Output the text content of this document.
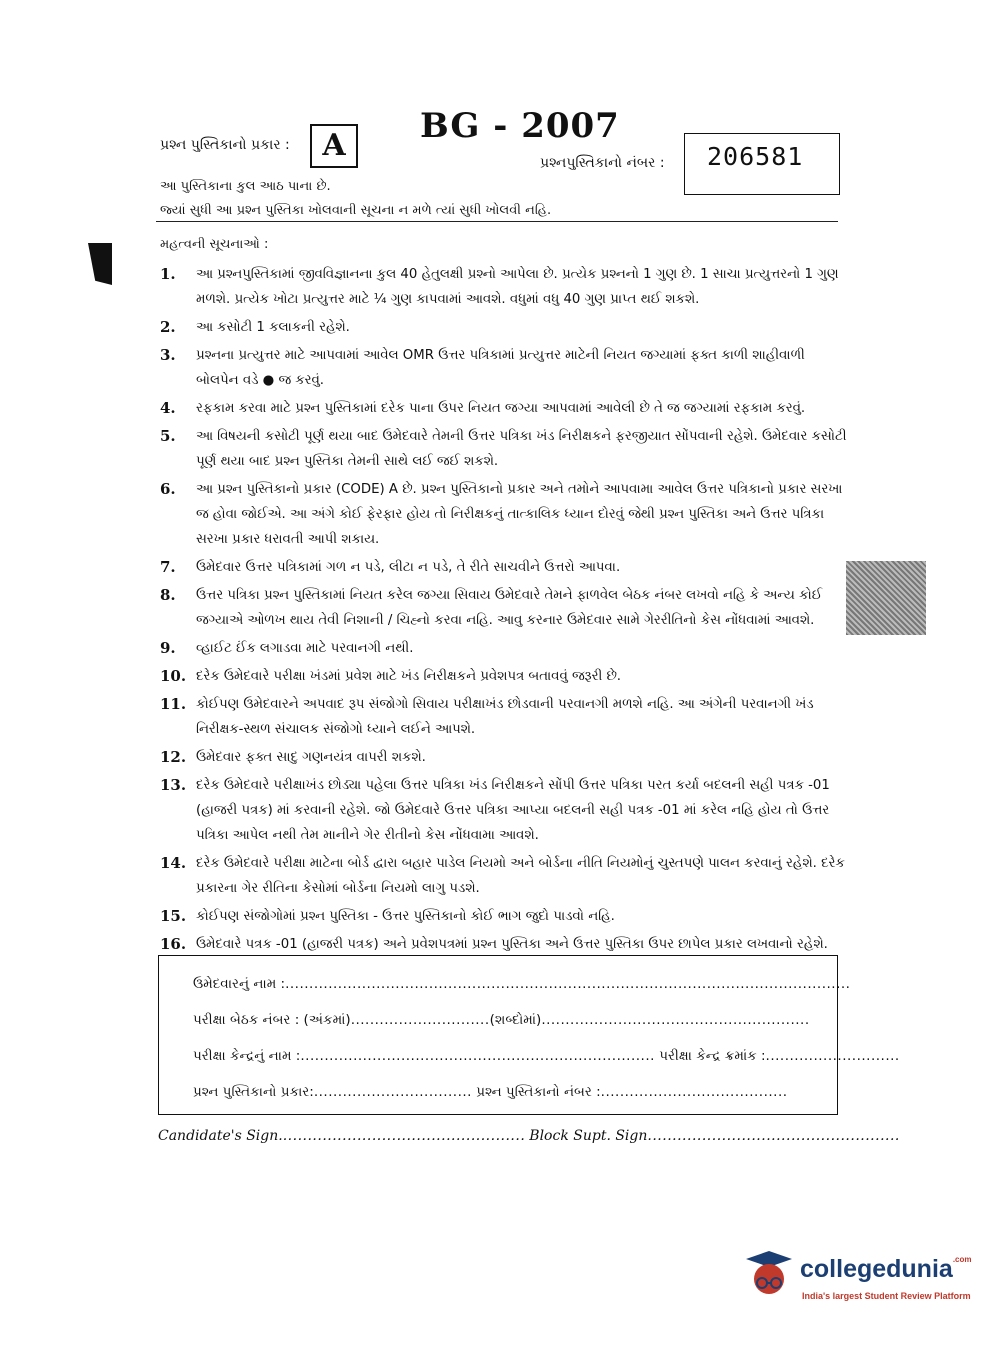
પ્રશ્ન પુસ્તિકાનો પ્રકાર :	A	BG - 2007
પ્રશ્નપુસ્તિકાનો નંબર : 206581
આ પુસ્તિકાના કુલ આઠ પાના છે.
જ્યાં સુધી આ પ્રશ્ન પુસ્તિકા ખોલવાની સૂચના ન મળે ત્યાં સુધી ખોલવી નહિ.
મહત્વની સૂચનાઓ :
1. આ પ્રશ્નપુસ્તિકામાં જીવવિજ્ઞાનના કુલ 40 હેતુલક્ષી પ્રશ્નો આપેલા છે. પ્રત્યેક પ્રશ્નનો 1 ગુણ છે. 1 સાચા પ્રત્યુત્તરનો 1 ગુણ મળશે. પ્રત્યેક ખોટા પ્રત્યુત્તર માટે ¼ ગુણ કાપવામાં આવશે. વધુમાં વધુ 40 ગુણ પ્રાપ્ત થઈ શકશે.
2. આ કસોટી 1 કલાકની રહેશે.
3. પ્રશ્નના પ્રત્યુત્તર માટે આપવામાં આવેલ OMR ઉત્તર પત્રિકામાં પ્રત્યુત્તર માટેની નિયત જગ્યામાં ફક્ત કાળી શાહીવાળી બોલપેન વડે ● જ કરવું.
4. રફકામ કરવા માટે પ્રશ્ન પુસ્તિકામાં દરેક પાના ઉપર નિયત જગ્યા આપવામાં આવેલી છે તે જ જગ્યામાં રફકામ કરવું.
5. આ વિષયની કસોટી પૂર્ણ થયા બાદ ઉમેદવારે તેમની ઉત્તર પત્રિકા ખંડ નિરીક્ષકને ફરજીયાત સોંપવાની રહેશે. ઉમેદવાર કસોટી પૂર્ણ થયા બાદ પ્રશ્ન પુસ્તિકા તેમની સાથે લઈ જઈ શકશે.
6. આ પ્રશ્ન પુસ્તિકાનો પ્રકાર (CODE) A છે. પ્રશ્ન પુસ્તિકાનો પ્રકાર અને તમોને આપવામા આવેલ ઉત્તર પત્રિકાનો પ્રકાર સરખા જ હોવા જોઈએ. આ અંગે કોઈ ફેરફાર હોય તો નિરીક્ષકનું તાત્કાલિક ધ્યાન દોરવું જેથી પ્રશ્ન પુસ્તિકા અને ઉત્તર પત્રિકા સરખા પ્રકાર ધરાવતી આપી શકાય.
7. ઉમેદવાર ઉત્તર પત્રિકામાં ગળ ન પડે, લીટા ન પડે, તે રીતે સાચવીને ઉત્તરો આપવા.
8. ઉત્તર પત્રિકા પ્રશ્ન પુસ્તિકામાં નિયત કરેલ જગ્યા સિવાય ઉમેદવારે તેમને ફાળવેલ બેઠક નંબર લખવો નહિ કે અન્ય કોઈ જગ્યાએ ઓળખ થાય તેવી નિશાની / ચિહ્નો કરવા નહિ. આવુ કરનાર ઉમેદવાર સામે ગેરરીતિનો કેસ નોંધવામાં આવશે.
9. વ્હાઈટ ઈંક લગાડવા માટે પરવાનગી નથી.
10. દરેક ઉમેદવારે પરીક્ષા ખંડમાં પ્રવેશ માટે ખંડ નિરીક્ષકને પ્રવેશપત્ર બતાવવું જરૂરી છે.
11. કોઈપણ ઉમેદવારને અપવાદ રૂપ સંજોગો સિવાય પરીક્ષાખંડ છોડવાની પરવાનગી મળશે નહિ. આ અંગેની પરવાનગી ખંડ નિરીક્ષક-સ્થળ સંચાલક સંજોગો ધ્યાને લઈને આપશે.
12. ઉમેદવાર ફક્ત સાદુ ગણનયંત્ર વાપરી શકશે.
13. દરેક ઉમેદવારે પરીક્ષાખંડ છોડ્યા પહેલા ઉત્તર પત્રિકા ખંડ નિરીક્ષકને સોંપી ઉત્તર પત્રિકા પરત કર્યા બદલની સહી પત્રક -01 (હાજરી પત્રક) માં કરવાની રહેશે. જો ઉમેદવારે ઉત્તર પત્રિકા આપ્યા બદલની સહી પત્રક -01 માં કરેલ નહિ હોય તો ઉત્તર પત્રિકા આપેલ નથી તેમ માનીને ગેર રીતીનો કેસ નોંધવામા આવશે.
14. દરેક ઉમેદવારે પરીક્ષા માટેના બોર્ડ દ્વારા બહાર પાડેલ નિયમો અને બોર્ડના નીતિ નિયમોનું ચુસ્તપણે પાલન કરવાનું રહેશે. દરેક પ્રકારના ગેર રીતિના કેસોમાં બોર્ડના નિયમો લાગુ પડશે.
15. કોઈપણ સંજોગોમાં પ્રશ્ન પુસ્તિકા - ઉત્તર પુસ્તિકાનો કોઈ ભાગ જુદો પાડવો નહિ.
16. ઉમેદવારે પત્રક -01 (હાજરી પત્રક) અને પ્રવેશપત્રમાં પ્રશ્ન પુસ્તિકા અને ઉત્તર પુસ્તિકા ઉપર છાપેલ પ્રકાર લખવાનો રહેશે.
ઉમેદવારનું નામ :......................................................................................................................
પરીક્ષા બેઠક નંબર : (અંકમાં).............................(શબ્દોમાં)........................................................
પરીક્ષા કેન્દ્રનું નામ :.......................................................................... પરીક્ષા કેન્દ્ર ક્રમાંક :............................
પ્રશ્ન પુસ્તિકાનો પ્રકાર:................................. પ્રશ્ન પુસ્તિકાનો નંબર :.......................................
Candidate's Sign.................................................. Block Supt. Sign...................................................
collegedunia$^{.com}$
India's largest Student Review Platform
